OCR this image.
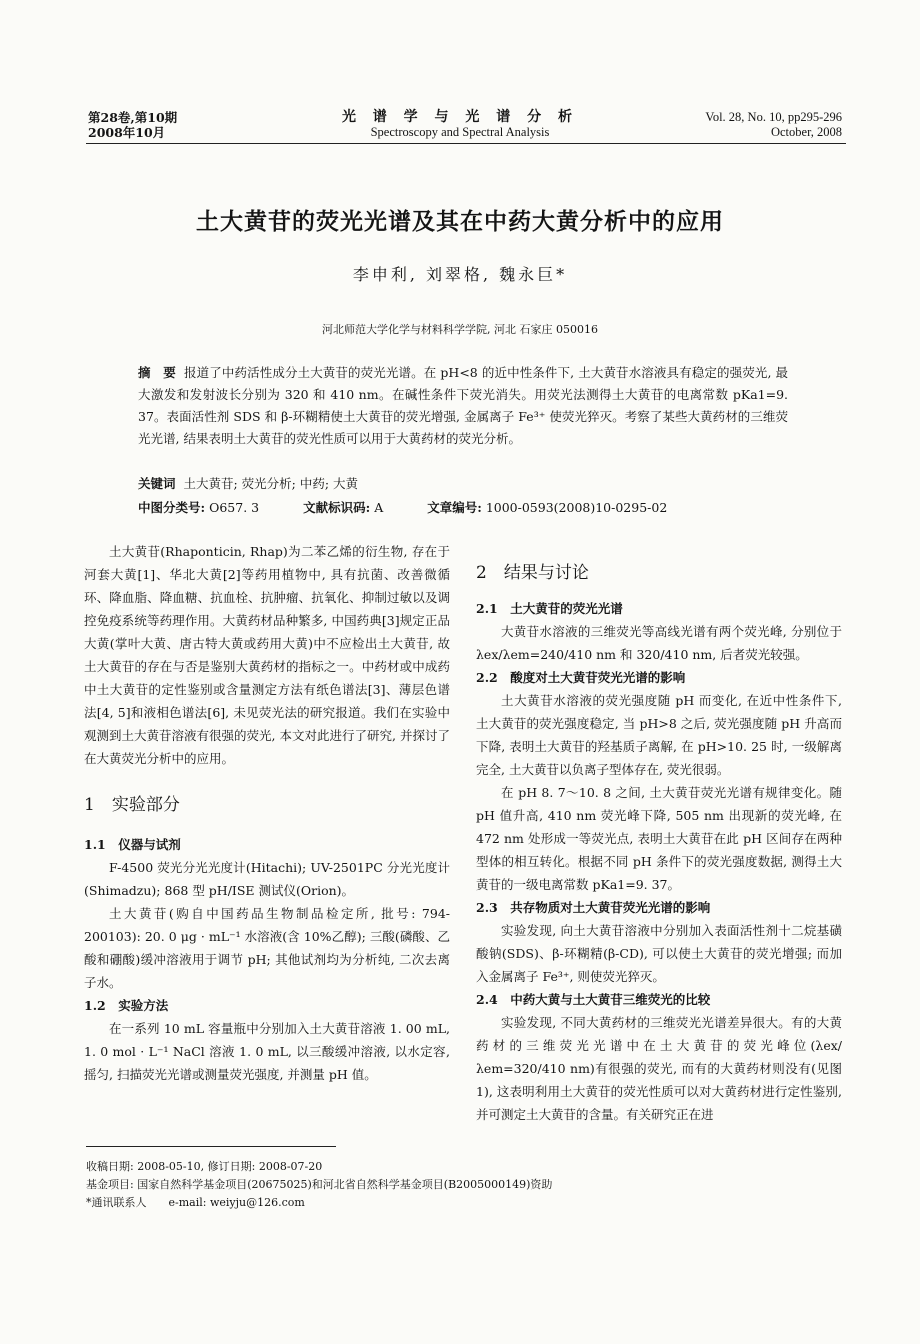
第28卷,第10期
2008年10月
光 谱 学 与 光 谱 分 析
Spectroscopy and Spectral Analysis
Vol. 28, No. 10, pp295-296
October, 2008
土大黄苷的荧光光谱及其在中药大黄分析中的应用
李申利, 刘翠格, 魏永巨*
河北师范大学化学与材料科学学院, 河北 石家庄 050016
摘　要 报道了中药活性成分土大黄苷的荧光光谱。在 pH<8 的近中性条件下, 土大黄苷水溶液具有稳定的强荧光, 最大激发和发射波长分别为 320 和 410 nm。在碱性条件下荧光消失。用荧光法测得土大黄苷的电离常数 pKa1=9. 37。表面活性剂 SDS 和 β-环糊精使土大黄苷的荧光增强, 金属离子 Fe³⁺ 使荧光猝灭。考察了某些大黄药材的三维荧光光谱, 结果表明土大黄苷的荧光性质可以用于大黄药材的荧光分析。
关键词 土大黄苷; 荧光分析; 中药; 大黄
中图分类号: O657. 3	文献标识码: A	文章编号: 1000-0593(2008)10-0295-02

土大黄苷(Rhaponticin, Rhap)为二苯乙烯的衍生物, 存在于河套大黄[1]、华北大黄[2]等药用植物中, 具有抗菌、改善微循环、降血脂、降血糖、抗血栓、抗肿瘤、抗氧化、抑制过敏以及调控免疫系统等药理作用。大黄药材品种繁多, 中国药典[3]规定正品大黄(掌叶大黄、唐古特大黄或药用大黄)中不应检出土大黄苷, 故土大黄苷的存在与否是鉴别大黄药材的指标之一。中药材或中成药中土大黄苷的定性鉴别或含量测定方法有纸色谱法[3]、薄层色谱法[4, 5]和液相色谱法[6], 未见荧光法的研究报道。我们在实验中观测到土大黄苷溶液有很强的荧光, 本文对此进行了研究, 并探讨了在大黄荧光分析中的应用。

1　实验部分

1.1　仪器与试剂

F-4500 荧光分光光度计(Hitachi); UV-2501PC 分光光度计(Shimadzu); 868 型 pH/ISE 测试仪(Orion)。

土大黄苷(购自中国药品生物制品检定所, 批号: 794-200103): 20. 0 μg · mL⁻¹ 水溶液(含 10%乙醇); 三酸(磷酸、乙酸和硼酸)缓冲溶液用于调节 pH; 其他试剂均为分析纯, 二次去离子水。

1.2　实验方法

在一系列 10 mL 容量瓶中分别加入土大黄苷溶液 1. 00 mL, 1. 0 mol · L⁻¹ NaCl 溶液 1. 0 mL, 以三酸缓冲溶液, 以水定容, 摇匀, 扫描荧光光谱或测量荧光强度, 并测量 pH 值。

2　结果与讨论

2.1　土大黄苷的荧光光谱

大黄苷水溶液的三维荧光等高线光谱有两个荧光峰, 分别位于 λex/λem=240/410 nm 和 320/410 nm, 后者荧光较强。

2.2　酸度对土大黄苷荧光光谱的影响

土大黄苷水溶液的荧光强度随 pH 而变化, 在近中性条件下, 土大黄苷的荧光强度稳定, 当 pH>8 之后, 荧光强度随 pH 升高而下降, 表明土大黄苷的羟基质子离解, 在 pH>10. 25 时, 一级解离完全, 土大黄苷以负离子型体存在, 荧光很弱。

在 pH 8. 7～10. 8 之间, 土大黄苷荧光光谱有规律变化。随 pH 值升高, 410 nm 荧光峰下降, 505 nm 出现新的荧光峰, 在 472 nm 处形成一等荧光点, 表明土大黄苷在此 pH 区间存在两种型体的相互转化。根据不同 pH 条件下的荧光强度数据, 测得土大黄苷的一级电离常数 pKa1=9. 37。

2.3　共存物质对土大黄苷荧光光谱的影响

实验发现, 向土大黄苷溶液中分别加入表面活性剂十二烷基磺酸钠(SDS)、β-环糊精(β-CD), 可以使土大黄苷的荧光增强; 而加入金属离子 Fe³⁺, 则使荧光猝灭。

2.4　中药大黄与土大黄苷三维荧光的比较

实验发现, 不同大黄药材的三维荧光光谱差异很大。有的大黄药材的三维荧光光谱中在土大黄苷的荧光峰位(λex/λem=320/410 nm)有很强的荧光, 而有的大黄药材则没有(见图 1), 这表明利用土大黄苷的荧光性质可以对大黄药材进行定性鉴别, 并可测定土大黄苷的含量。有关研究正在进

收稿日期: 2008-05-10, 修订日期: 2008-07-20
基金项目: 国家自然科学基金项目(20675025)和河北省自然科学基金项目(B2005000149)资助
*通讯联系人　　e-mail: weiyju@126.com
